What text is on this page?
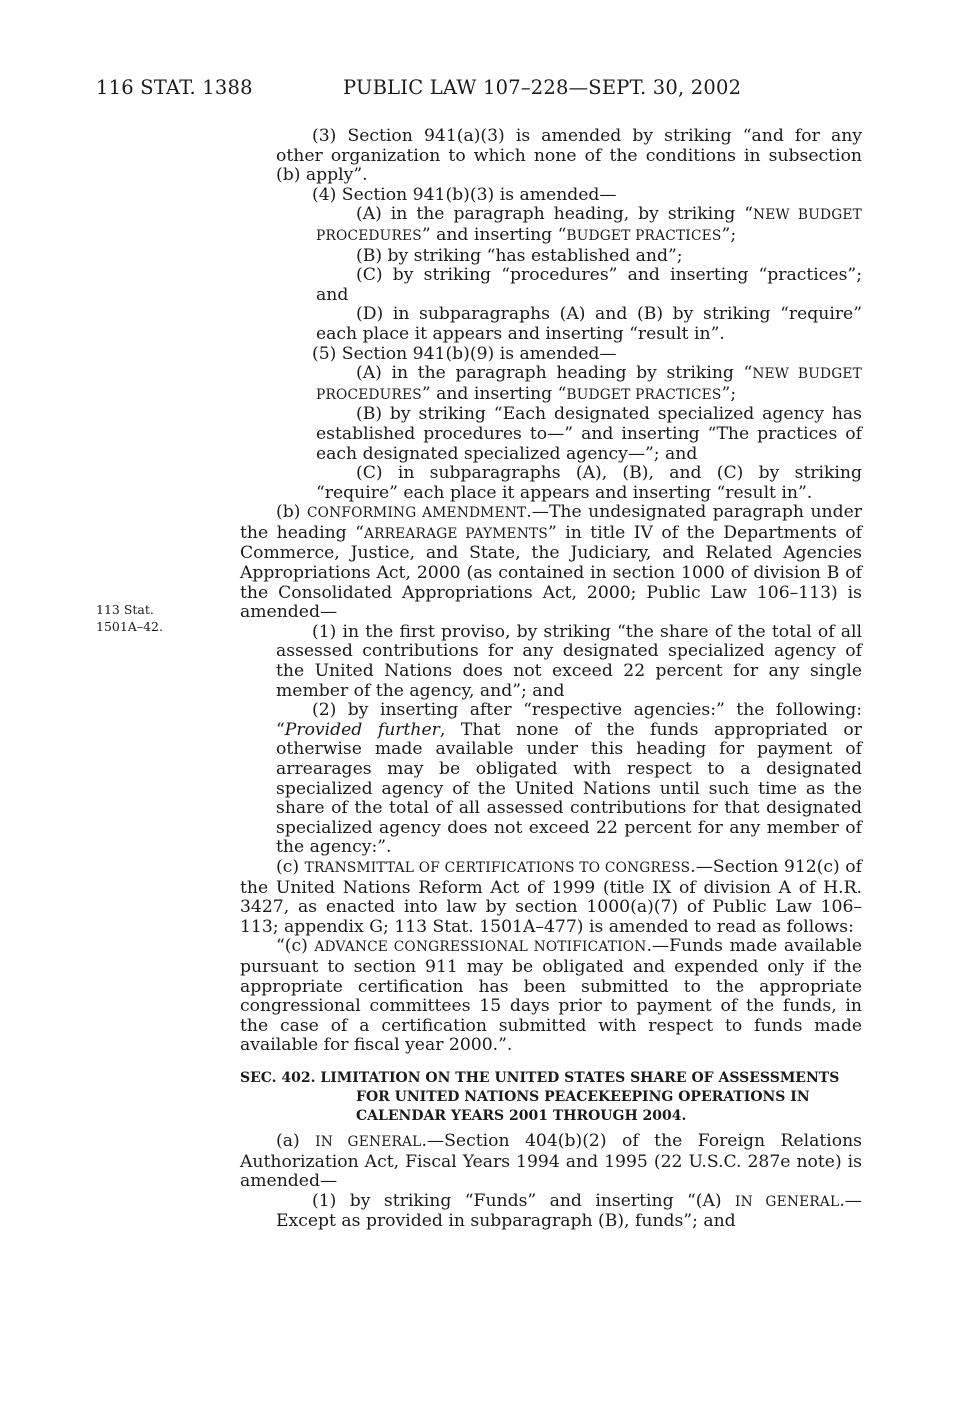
116 STAT. 1388	PUBLIC LAW 107–228—SEPT. 30, 2002
113 Stat.
1501A–42.

(3) Section 941(a)(3) is amended by striking “and for any other organization to which none of the conditions in subsection (b) apply”.

(4) Section 941(b)(3) is amended—

(A) in the paragraph heading, by striking “NEW BUDGET PROCEDURES” and inserting “BUDGET PRACTICES”;

(B) by striking “has established and”;

(C) by striking “procedures” and inserting “practices”; and

(D) in subparagraphs (A) and (B) by striking “require” each place it appears and inserting “result in”.

(5) Section 941(b)(9) is amended—

(A) in the paragraph heading by striking “NEW BUDGET PROCEDURES” and inserting “BUDGET PRACTICES”;

(B) by striking “Each designated specialized agency has established procedures to—” and inserting “The practices of each designated specialized agency—”; and

(C) in subparagraphs (A), (B), and (C) by striking “require” each place it appears and inserting “result in”.

(b) CONFORMING AMENDMENT.—The undesignated paragraph under the heading “ARREARAGE PAYMENTS” in title IV of the Departments of Commerce, Justice, and State, the Judiciary, and Related Agencies Appropriations Act, 2000 (as contained in section 1000 of division B of the Consolidated Appropriations Act, 2000; Public Law 106–113) is amended—

(1) in the first proviso, by striking “the share of the total of all assessed contributions for any designated specialized agency of the United Nations does not exceed 22 percent for any single member of the agency, and”; and

(2) by inserting after “respective agencies:” the following: “Provided further, That none of the funds appropriated or otherwise made available under this heading for payment of arrearages may be obligated with respect to a designated specialized agency of the United Nations until such time as the share of the total of all assessed contributions for that designated specialized agency does not exceed 22 percent for any member of the agency:”.

(c) TRANSMITTAL OF CERTIFICATIONS TO CONGRESS.—Section 912(c) of the United Nations Reform Act of 1999 (title IX of division A of H.R. 3427, as enacted into law by section 1000(a)(7) of Public Law 106–113; appendix G; 113 Stat. 1501A–477) is amended to read as follows:

“(c) ADVANCE CONGRESSIONAL NOTIFICATION.—Funds made available pursuant to section 911 may be obligated and expended only if the appropriate certification has been submitted to the appropriate congressional committees 15 days prior to payment of the funds, in the case of a certification submitted with respect to funds made available for fiscal year 2000.”.

SEC. 402. LIMITATION ON THE UNITED STATES SHARE OF ASSESSMENTS FOR UNITED NATIONS PEACEKEEPING OPERATIONS IN CALENDAR YEARS 2001 THROUGH 2004.

(a) IN GENERAL.—Section 404(b)(2) of the Foreign Relations Authorization Act, Fiscal Years 1994 and 1995 (22 U.S.C. 287e note) is amended—

(1) by striking “Funds” and inserting “(A) IN GENERAL.— Except as provided in subparagraph (B), funds”; and
